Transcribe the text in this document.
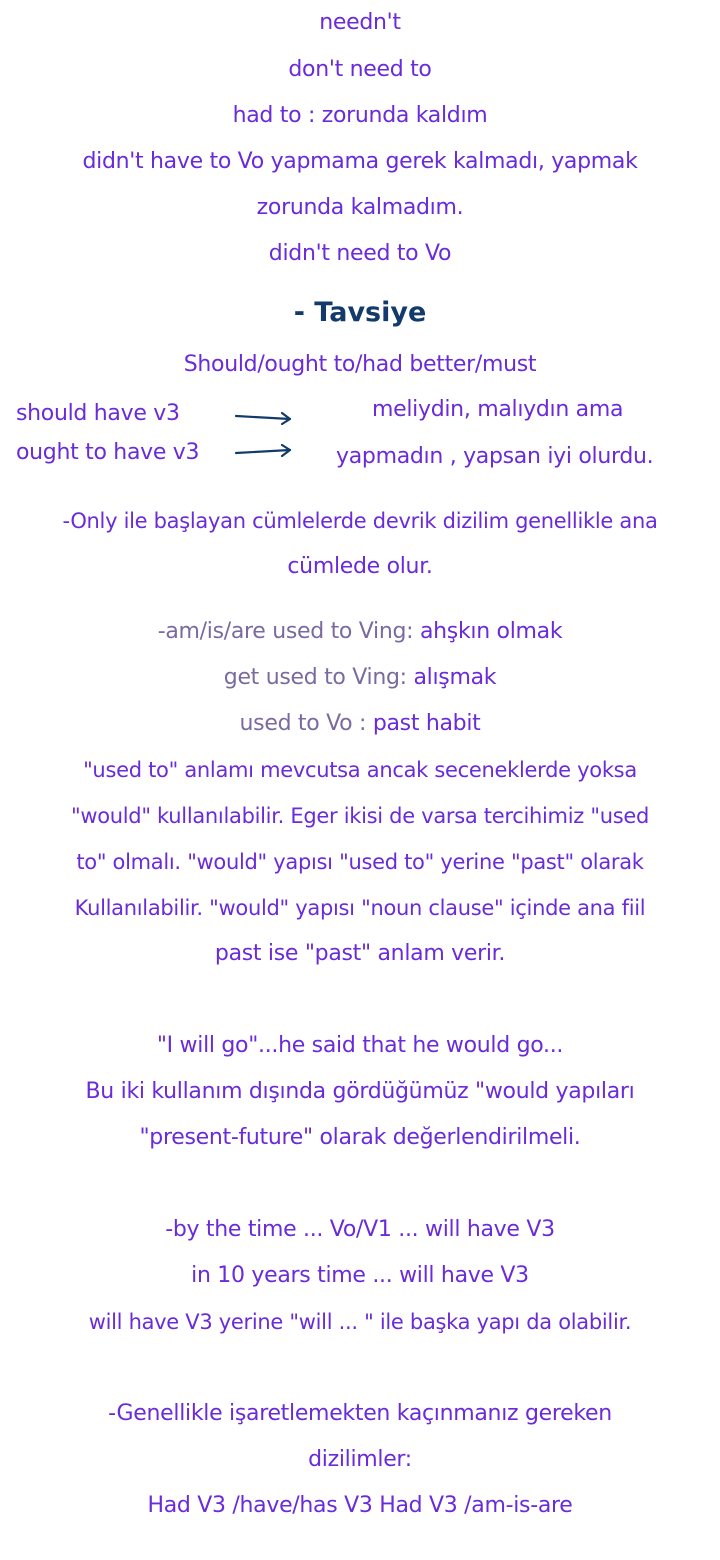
needn't
don't need to
had to : zorunda kaldım
didn't have to Vo yapmama gerek kalmadı, yapmak
zorunda kalmadım.
didn't need to Vo
- Tavsiye
Should/ought to/had better/must
should have v3
ought to have v3
meliydin, malıydın ama
yapmadın , yapsan iyi olurdu.
-Only ile başlayan cümlelerde devrik dizilim genellikle ana
cümlede olur.
-am/is/are used to Ving: ahşkın olmak
get used to Ving: alışmak
used to Vo : past habit
"used to" anlamı mevcutsa ancak seceneklerde yoksa
"would" kullanılabilir. Eger ikisi de varsa tercihimiz "used
to" olmalı. "would" yapısı "used to" yerine "past" olarak
Kullanılabilir. "would" yapısı "noun clause" içinde ana fiil
past ise "past" anlam verir.
"I will go"...he said that he would go...
Bu iki kullanım dışında gördüğümüz "would yapıları
"present-future" olarak değerlendirilmeli.
-by the time ... Vo/V1 ... will have V3
in 10 years time ... will have V3
will have V3 yerine "will ... " ile başka yapı da olabilir.
-Genellikle işaretlemekten kaçınmanız gereken
dizilimler:
Had V3 /have/has V3 Had V3 /am-is-are
